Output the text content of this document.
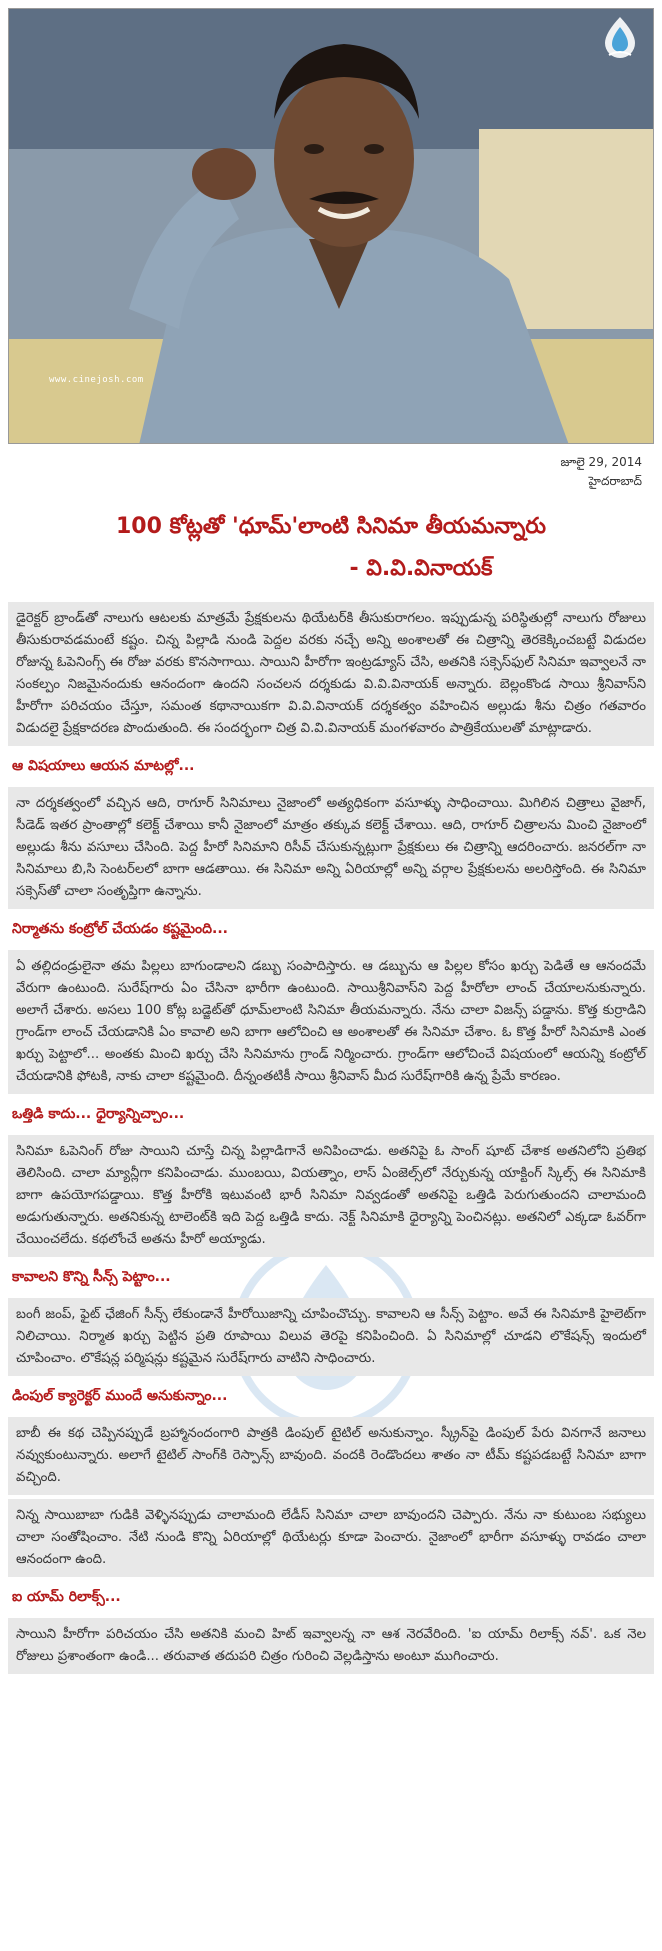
www.cinejosh.com
జూలై 29, 2014
హైదరాబాద్
100 కోట్లతో 'ధూమ్'లాంటి సినిమా తీయమన్నారు
- వి.వి.వినాయక్

డైరెక్టర్ బ్రాండ్‌తో నాలుగు ఆటలకు మాత్రమే ప్రేక్షకులను థియేటర్‌కి తీసుకురాగలం. ఇప్పుడున్న పరిస్థితుల్లో నాలుగు రోజులు తీసుకురావడమంటే కష్టం. చిన్న పిల్లాడి నుండి పెద్దల వరకు నచ్చే అన్ని అంశాలతో ఈ చిత్రాన్ని తెరకెక్కించబట్టే విడుదల రోజున్న ఓపెనింగ్స్ ఈ రోజు వరకు కొనసాగాయి. సాయిని హీరోగా ఇంట్రడ్యూస్ చేసి, అతనికి సక్సెస్‌ఫుల్ సినిమా ఇవ్వాలనే నా సంకల్పం నిజమైనందుకు ఆనందంగా ఉందని సంచలన దర్శకుడు వి.వి.వినాయక్ అన్నారు. బెల్లంకొండ సాయి శ్రీనివాస్‌ని హీరోగా పరిచయం చేస్తూ, సమంత కథానాయికగా వి.వి.వినాయక్ దర్శకత్వం వహించిన అల్లుడు శీను చిత్రం గతవారం విడుదలై ప్రేక్షకాదరణ పొందుతుంది. ఈ సందర్భంగా చిత్ర వి.వి.వినాయక్ మంగళవారం పాత్రికేయులతో మాట్లాడారు.

ఆ విషయాలు ఆయన మాటల్లో...

నా దర్శకత్వంలో వచ్చిన ఆది, రాగూర్ సినిమాలు నైజాంలో అత్యధికంగా వసూళ్ళు సాధించాయి. మిగిలిన చిత్రాలు వైజాగ్, సీడెడ్ ఇతర ప్రాంతాల్లో కలెక్ట్ చేశాయి కానీ నైజాంలో మాత్రం తక్కువ కలెక్ట్ చేశాయి. ఆది, రాగూర్ చిత్రాలను మించి నైజాంలో అల్లుడు శీను వసూలు చేసింది. పెద్ద హీరో సినిమాని రిసీవ్ చేసుకున్నట్లుగా ప్రేక్షకులు ఈ చిత్రాన్ని ఆదరించారు. జనరల్‌గా నా సినిమాలు బి,సి సెంటర్‌లలో బాగా ఆడతాయి. ఈ సినిమా అన్ని ఏరియాల్లో అన్ని వర్గాల ప్రేక్షకులను అలరిస్తోంది. ఈ సినిమా సక్సెస్‌తో చాలా సంతృప్తిగా ఉన్నాను.

నిర్మాతను కంట్రోల్ చేయడం కష్టమైంది...

ఏ తల్లిదండ్రులైనా తమ పిల్లలు బాగుండాలని డబ్బు సంపాదిస్తారు. ఆ డబ్బును ఆ పిల్లల కోసం ఖర్చు పెడితే ఆ ఆనందమే వేరుగా ఉంటుంది. సురేష్‌గారు ఏం చేసినా భారీగా ఉంటుంది. సాయిశ్రీనివాస్‌ని పెద్ద హీరోలా లాంచ్ చేయాలనుకున్నారు. అలాగే చేశారు. అసలు 100 కోట్ల బడ్జెట్‌తో ధూమ్‌లాంటి సినిమా తీయమన్నారు. నేను చాలా విజన్స్ పడ్డాను. కొత్త కుర్రాడిని గ్రాండ్‌గా లాంచ్ చేయడానికి ఏం కావాలి అని బాగా ఆలోచించి ఆ అంశాలతో ఈ సినిమా చేశాం. ఓ కొత్త హీరో సినిమాకి ఎంత ఖర్చు పెట్టాలో... అంతకు మించి ఖర్చు చేసి సినిమాను గ్రాండ్ నిర్మించారు. గ్రాండ్‌గా ఆలోచించే విషయంలో ఆయన్ని కంట్రోల్ చేయడానికి ఫోటకి, నాకు చాలా కష్టమైంది. దీన్నంతటికీ సాయి శ్రీనివాస్ మీద సురేష్‌గారికి ఉన్న ప్రేమే కారణం.

ఒత్తిడి కాదు... ధైర్యాన్నిచ్చాం...

సినిమా ఓపెనింగ్ రోజు సాయిని చూస్తే చిన్న పిల్లాడిగానే అనిపించాడు. అతనిపై ఓ సాంగ్ షూట్ చేశాక అతనిలోని ప్రతిభ తెలిసింది. చాలా మ్యాన్లీగా కనిపించాడు. ముంబయి, వియత్నాం, లాస్ ఏంజెల్స్‌లో నేర్చుకున్న యాక్టింగ్ స్కిల్స్ ఈ సినిమాకి బాగా ఉపయోగపడ్డాయి. కొత్త హీరోకి ఇటువంటి భారీ సినిమా నివ్వడంతో అతనిపై ఒత్తిడి పెరుగుతుందని చాలామంది అడుగుతున్నారు. అతనికున్న టాలెంట్‌కి ఇది పెద్ద ఒత్తిడి కాదు. నెక్ట్ సినిమాకి ధైర్యాన్ని పెంచినట్లు. అతనిలో ఎక్కడా ఓవర్‌గా చేయించలేదు. కథలోంచే అతను హీరో అయ్యాడు.

కావాలని కొన్ని సీన్స్ పెట్టాం...

బంగీ జంప్, ఫైట్ ఛేజింగ్ సీన్స్ లేకుండానే హీరోయిజాన్ని చూపించొచ్చు. కావాలని ఆ సీన్స్ పెట్టాం. అవే ఈ సినిమాకి హైలెట్‌గా నిలిచాయి. నిర్మాత ఖర్చు పెట్టిన ప్రతి రూపాయి విలువ తెరపై కనిపించింది. ఏ సినిమాల్లో చూడని లొకేషన్స్ ఇందులో చూపించాం. లొకేషన్ల పర్మిషన్లు కష్టమైన సురేష్‌గారు వాటిని సాధించారు.

డింపుల్ క్యారెక్టర్ ముందే అనుకున్నాం...

బాబీ ఈ కథ చెప్పినప్పుడే బ్రహ్మానందంగారి పాత్రకి డింపుల్ టైటిల్ అనుకున్నాం. స్క్రీన్‌పై డింపుల్ పేరు వినగానే జనాలు నవ్వుకుంటున్నారు. అలాగే టైటిల్ సాంగ్‌కి రెస్పాన్స్ బావుంది. వందకి రెండొందలు శాతం నా టీమ్ కష్టపడబట్టే సినిమా బాగా వచ్చింది.

నిన్న సాయిబాబా గుడికి వెళ్ళినప్పుడు చాలామంది లేడీస్ సినిమా చాలా బావుందని చెప్పారు. నేను నా కుటుంబ సభ్యులు చాలా సంతోషించాం. నేటి నుండి కొన్ని ఏరియాల్లో థియేటర్లు కూడా పెంచారు. నైజాంలో భారీగా వసూళ్ళు రావడం చాలా ఆనందంగా ఉంది.

ఐ యామ్ రిలాక్స్...

సాయిని హీరోగా పరిచయం చేసి అతనికి మంచి హిట్ ఇవ్వాలన్న నా ఆశ నెరవేరింది. 'ఐ యామ్ రిలాక్స్ నవ్'. ఒక నెల రోజులు ప్రశాంతంగా ఉండి... తరువాత తదుపరి చిత్రం గురించి వెల్లడిస్తాను అంటూ ముగించారు.
